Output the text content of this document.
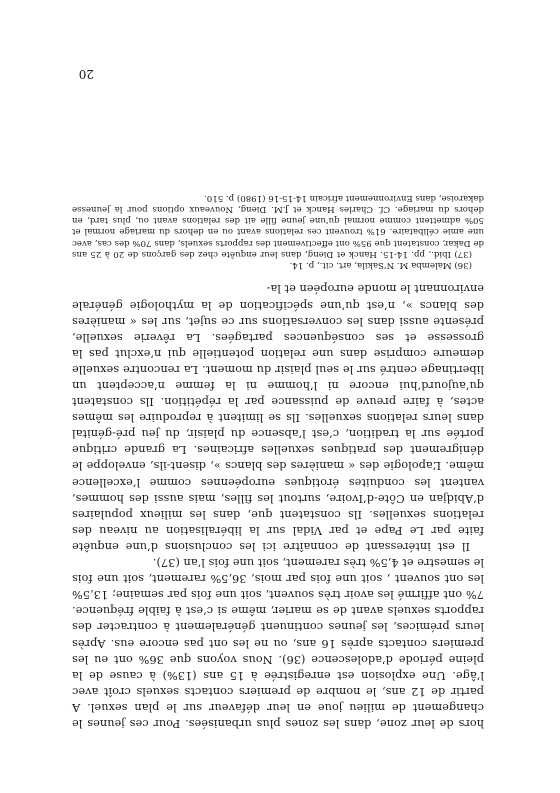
hors de leur zone, dans les zones plus urbanisées. Pour ces jeunes le changement de milieu joue en leur défaveur sur le plan sexuel. A partir de 12 ans, le nombre de premiers contacts sexuels croît avec l’âge. Une explosion est enregistrée à 15 ans (13%) à cause de la pleine période d’adolescence (36). Nous voyons que 36% ont eu les premiers contacts après 16 ans, ou ne les ont pas encore eus. Après leurs prémices, les jeunes continuent généralement à contracter des rapports sexuels avant de se marier, même si c’est à faible fréquence. 7% ont affirmé les avoir très souvent, soit une fois par semaine; 13,5% les ont souvent , soit une fois par mois, 36,5% rarement, soit une fois le semestre et 4,5% très rarement, soit une fois l’an (37).

Il est intéressant de connaître ici les conclusions d’une enquête faite par Le Pape et par Vidal sur la libéralisation au niveau des relations sexuelles. Ils constatent que, dans les milieux populaires d’Abidjan en Côte-d’Ivoire, surtout les filles, mais aussi des hommes, vantent les conduites érotiques européennes comme l’excellence même. L’apologie des « manières des blancs », disent-ils, enveloppe le dénigrement des pratiques sexuelles africaines. La grande critique portée sur la tradition, c’est l’absence du plaisir, du jeu pré-génital dans leurs relations sexuelles. Ils se limitent à reproduire les mêmes actes, à faire preuve de puissance par la répétition. Ils constatent qu’aujourd’hui encore ni l’homme ni la femme n’acceptent un libertinage centré sur le seul plaisir du moment. La rencontre sexuelle demeure comprise dans une relation potentielle qui n’exclut pas la grossesse et ses conséquences partagées. La rêverie sexuelle, présente aussi dans les conversations sur ce sujet, sur les « manières des blancs », n’est qu’une spécification de la mythologie générale environnant le monde européen et la-

(36) Malemba M. N’Sakila, art. cit., p. 14.

(37) Ibid., pp. 14-15. Hanck et Dieng, dans leur enquête chez des garçons de 20 à 25 ans de Dakar, constatent que 95% ont effectivement des rapports sexuels, dans 70% des cas, avec une amie célibataire. 61% trouvent ces relations avant ou en dehors du mariage normal et 50% admettent comme normal qu’une jeune fille ait des relations avant ou, plus tard, en dehors du mariage. Cf. Charles Hanck et J.M. Dieng, Nouveaux options pour la jeunesse dakaroise, dans Environnement africain 14-15-16 (1980) p. 510.

20
